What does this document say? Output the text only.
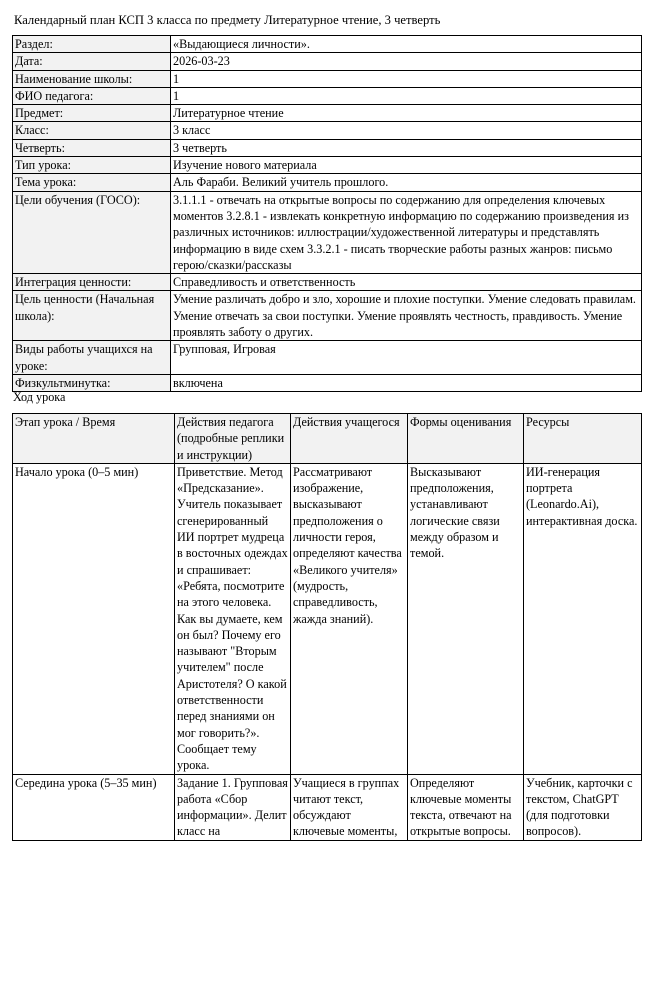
Календарный план КСП 3 класса по предмету Литературное чтение, 3 четверть
Раздел:	«Выдающиеся личности».
Дата:	2026-03-23
Наименование школы:	1
ФИО педагога:	1
Предмет:	Литературное чтение
Класс:	3 класс
Четверть:	3 четверть
Тип урока:	Изучение нового материала
Тема урока:	Аль Фараби. Великий учитель прошлого.
Цели обучения (ГОСО):	3.1.1.1 - отвечать на открытые вопросы по содержанию для определения ключевых моментов 3.2.8.1 - извлекать конкретную информацию по содержанию произведения из различных источников: иллюстрации/художественной литературы и представлять информацию в виде схем 3.3.2.1 - писать творческие работы разных жанров: письмо герою/сказки/рассказы
Интеграция ценности:	Справедливость и ответственность
Цель ценности (Начальная школа):	Умение различать добро и зло, хорошие и плохие поступки. Умение следовать правилам. Умение отвечать за свои поступки. Умение проявлять честность, правдивость. Умение проявлять заботу о других.
Виды работы учащихся на уроке:	Групповая, Игровая
Физкультминутка:	включена
Ход урока
Этап урока / Время	Действия педагога (подробные реплики и инструкции)	Действия учащегося	Формы оценивания	Ресурсы
Начало урока (0–5 мин)	Приветствие. Метод «Предсказание». Учитель показывает сгенерированный ИИ портрет мудреца в восточных одеждах и спрашивает: «Ребята, посмотрите на этого человека. Как вы думаете, кем он был? Почему его называют "Вторым учителем" после Аристотеля? О какой ответственности перед знаниями он мог говорить?». Сообщает тему урока.	Рассматривают изображение, высказывают предположения о личности героя, определяют качества «Великого учителя» (мудрость, справедливость, жажда знаний).	Высказывают предположения, устанавливают логические связи между образом и темой.	ИИ-генерация портрета (Leonardo.Ai), интерактивная доска.
Середина урока (5–35 мин)	Задание 1. Групповая работа «Сбор информации». Делит класс на	Учащиеся в группах читают текст, обсуждают ключевые моменты,	Определяют ключевые моменты текста, отвечают на открытые вопросы.	Учебник, карточки с текстом, ChatGPT (для подготовки вопросов).
